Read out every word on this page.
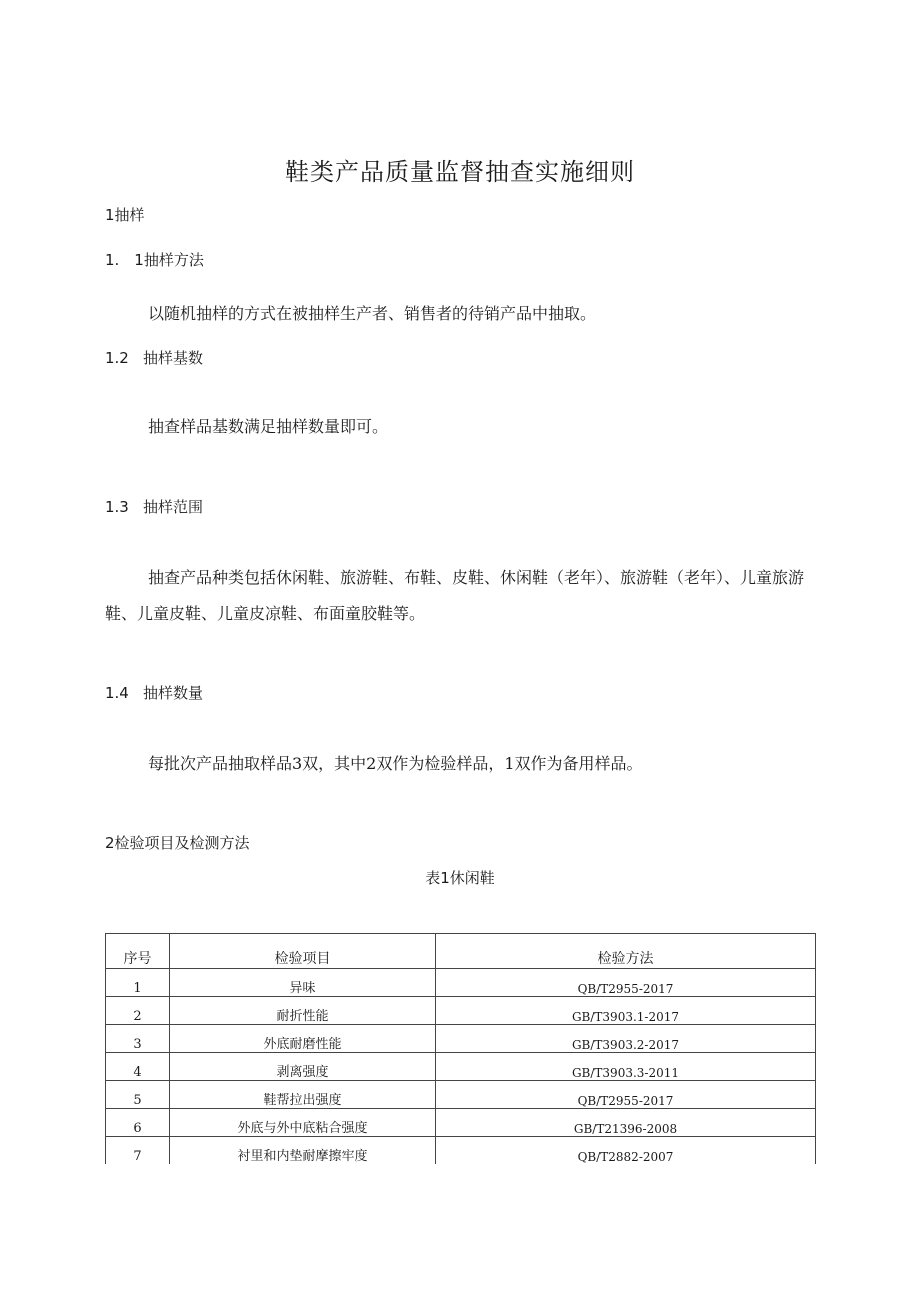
鞋类产品质量监督抽查实施细则
1抽样
1.　1抽样方法
以随机抽样的方式在被抽样生产者、销售者的待销产品中抽取。
1.2 抽样基数
抽查样品基数满足抽样数量即可。
1.3 抽样范围
抽查产品种类包括休闲鞋、旅游鞋、布鞋、皮鞋、休闲鞋（老年）、旅游鞋（老年）、儿童旅游鞋、儿童皮鞋、儿童皮凉鞋、布面童胶鞋等。
1.4 抽样数量
每批次产品抽取样品3双，其中2双作为检验样品，1双作为备用样品。
2检验项目及检测方法
表1休闲鞋
序号	检验项目	检验方法
1	异味	QB/T2955-2017
2	耐折性能	GB/T3903.1-2017
3	外底耐磨性能	GB/T3903.2-2017
4	剥离强度	GB/T3903.3-2011
5	鞋帮拉出强度	QB/T2955-2017
6	外底与外中底粘合强度	GB/T21396-2008
7	衬里和内垫耐摩擦牢度	QB/T2882-2007
